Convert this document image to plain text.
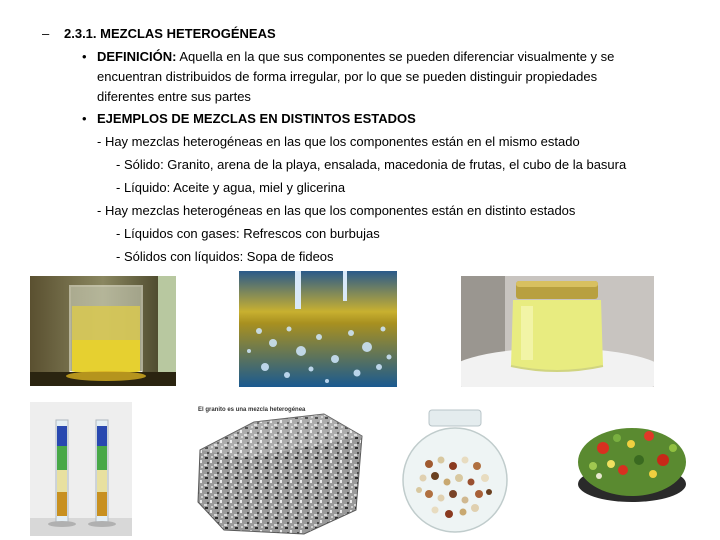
– 2.3.1. MEZCLAS HETEROGÉNEAS
• DEFINICIÓN: Aquella en la que sus componentes se pueden diferenciar visualmente y se
encuentran distribuidos de forma irregular, por lo que se pueden distinguir propiedades
diferentes entre sus partes
• EJEMPLOS DE MEZCLAS EN DISTINTOS ESTADOS
- Hay mezclas heterogéneas en las que los componentes están en el mismo estado
- Sólido: Granito, arena de la playa, ensalada, macedonia de frutas, el cubo de la basura
- Líquido: Aceite y agua, miel y glicerina
- Hay mezclas heterogéneas en las que los componentes están en distinto estados
- Líquidos con gases: Refrescos con burbujas
- Sólidos con líquidos: Sopa de fideos
El granito es una mezcla heterogénea
